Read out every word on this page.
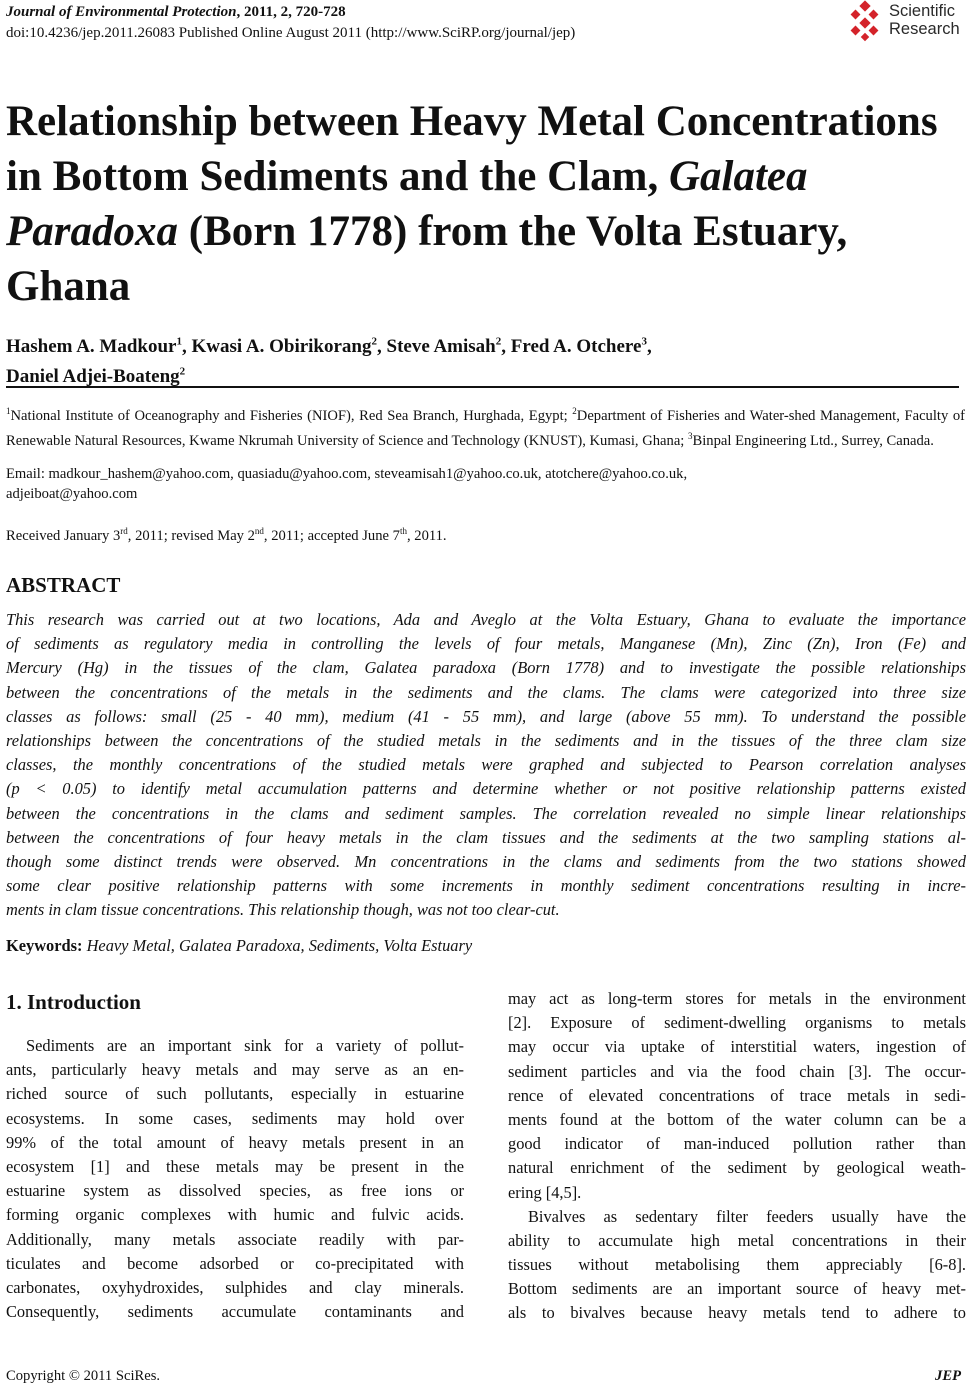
Journal of Environmental Protection, 2011, 2, 720-728
doi:10.4236/jep.2011.26083 Published Online August 2011 (http://www.SciRP.org/journal/jep)
Scientific
Research
Relationship between Heavy Metal Concentrations in Bottom Sediments and the Clam, Galatea Paradoxa (Born 1778) from the Volta Estuary, Ghana
Hashem A. Madkour$^1$, Kwasi A. Obirikorang$^2$, Steve Amisah$^2$, Fred A. Otchere$^3$,
Daniel Adjei-Boateng$^2$
$^1$National Institute of Oceanography and Fisheries (NIOF), Red Sea Branch, Hurghada, Egypt; $^2$Department of Fisheries and Water-shed Management, Faculty of Renewable Natural Resources, Kwame Nkrumah University of Science and Technology (KNUST), Kumasi, Ghana; $^3$Binpal Engineering Ltd., Surrey, Canada.
Email: madkour_hashem@yahoo.com, quasiadu@yahoo.com, steveamisah1@yahoo.co.uk, atotchere@yahoo.co.uk,
adjeiboat@yahoo.com
Received January 3rd, 2011; revised May 2nd, 2011; accepted June 7th, 2011.
ABSTRACT
This research was carried out at two locations, Ada and Aveglo at the Volta Estuary, Ghana to evaluate the importance
of sediments as regulatory media in controlling the levels of four metals, Manganese (Mn), Zinc (Zn), Iron (Fe) and
Mercury (Hg) in the tissues of the clam, Galatea paradoxa (Born 1778) and to investigate the possible relationships
between the concentrations of the metals in the sediments and the clams. The clams were categorized into three size
classes as follows: small (25 - 40 mm), medium (41 - 55 mm), and large (above 55 mm). To understand the possible
relationships between the concentrations of the studied metals in the sediments and in the tissues of the three clam size
classes, the monthly concentrations of the studied metals were graphed and subjected to Pearson correlation analyses
(p < 0.05) to identify metal accumulation patterns and determine whether or not positive relationship patterns existed
between the concentrations in the clams and sediment samples. The correlation revealed no simple linear relationships
between the concentrations of four heavy metals in the clam tissues and the sediments at the two sampling stations al-
though some distinct trends were observed. Mn concentrations in the clams and sediments from the two stations showed
some clear positive relationship patterns with some increments in monthly sediment concentrations resulting in incre-
ments in clam tissue concentrations. This relationship though, was not too clear-cut.
Keywords: Heavy Metal, Galatea Paradoxa, Sediments, Volta Estuary
1. Introduction
Sediments are an important sink for a variety of pollut-
ants, particularly heavy metals and may serve as an en-
riched source of such pollutants, especially in estuarine
ecosystems. In some cases, sediments may hold over
99% of the total amount of heavy metals present in an
ecosystem [1] and these metals may be present in the
estuarine system as dissolved species, as free ions or
forming organic complexes with humic and fulvic acids.
Additionally, many metals associate readily with par-
ticulates and become adsorbed or co-precipitated with
carbonates, oxyhydroxides, sulphides and clay minerals.
Consequently, sediments accumulate contaminants and
may act as long-term stores for metals in the environment
[2]. Exposure of sediment-dwelling organisms to metals
may occur via uptake of interstitial waters, ingestion of
sediment particles and via the food chain [3]. The occur-
rence of elevated concentrations of trace metals in sedi-
ments found at the bottom of the water column can be a
good indicator of man-induced pollution rather than
natural enrichment of the sediment by geological weath-
ering [4,5].
Bivalves as sedentary filter feeders usually have the
ability to accumulate high metal concentrations in their
tissues without metabolising them appreciably [6-8].
Bottom sediments are an important source of heavy met-
als to bivalves because heavy metals tend to adhere to
Copyright © 2011 SciRes.	JEP
